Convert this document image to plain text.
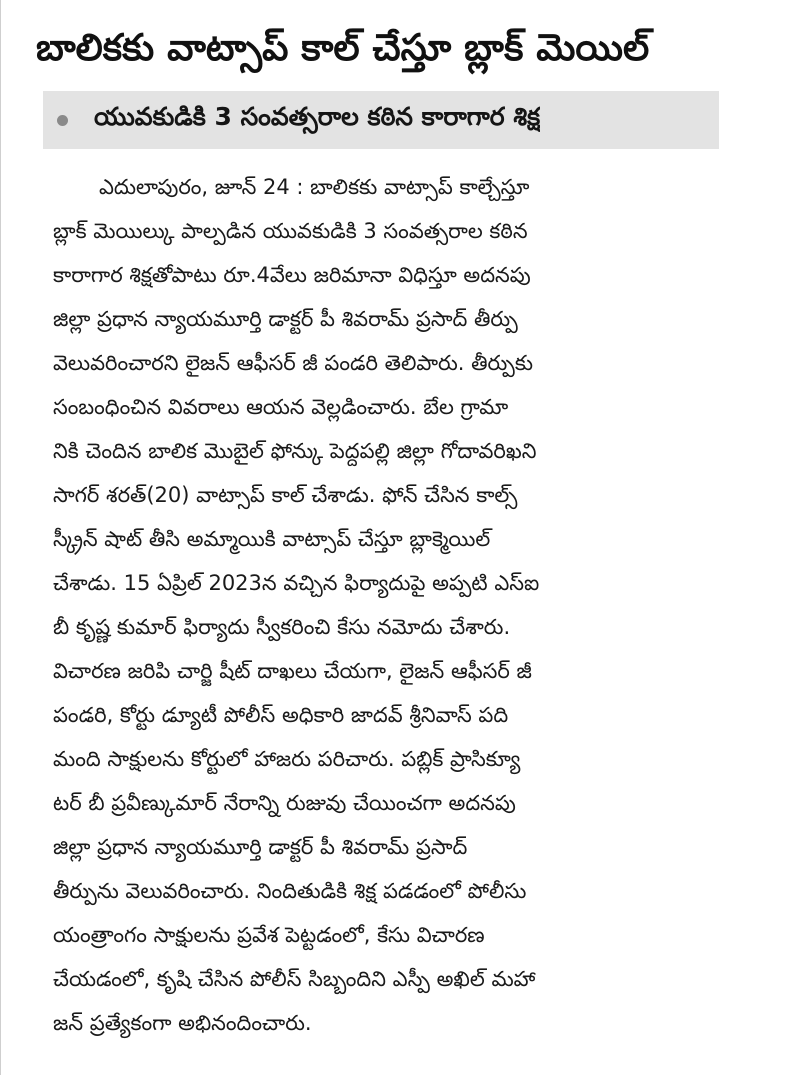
బాలికకు వాట్సాప్ కాల్ చేస్తూ బ్లాక్ మెయిల్
యువకుడికి 3 సంవత్సరాల కఠిన కారాగార శిక్ష
ఎదులాపురం, జూన్ 24 : బాలికకు వాట్సాప్ కాల్చేస్తూ
బ్లాక్ మెయిల్కు పాల్పడిన యువకుడికి 3 సంవత్సరాల కఠిన
కారాగార శిక్షతోపాటు రూ.4వేలు జరిమానా విధిస్తూ అదనపు
జిల్లా ప్రధాన న్యాయమూర్తి డాక్టర్ పీ శివరామ్ ప్రసాద్ తీర్పు
వెలువరించారని లైజన్ ఆఫీసర్ జీ పండరి తెలిపారు. తీర్పుకు
సంబంధించిన వివరాలు ఆయన వెల్లడించారు. బేల గ్రామా
నికి చెందిన బాలిక మొబైల్ ఫోన్కు పెద్దపల్లి జిల్లా గోదావరిఖని
సాగర్ శరత్(20) వాట్సాప్ కాల్ చేశాడు. ఫోన్ చేసిన కాల్స్
స్క్రీన్ షాట్ తీసి అమ్మాయికి వాట్సాప్ చేస్తూ బ్లాక్మెయిల్
చేశాడు. 15 ఏప్రిల్ 2023న వచ్చిన ఫిర్యాదుపై అప్పటి ఎస్ఐ
బీ కృష్ణ కుమార్ ఫిర్యాదు స్వీకరించి కేసు నమోదు చేశారు.
విచారణ జరిపి చార్జి షీట్ దాఖలు చేయగా, లైజన్ ఆఫీసర్ జీ
పండరి, కోర్టు డ్యూటీ పోలీస్ అధికారి జాదవ్ శ్రీనివాస్ పది
మంది సాక్షులను కోర్టులో హాజరు పరిచారు. పబ్లిక్ ప్రాసిక్యూ
టర్ బీ ప్రవీణ్కుమార్ నేరాన్ని రుజువు చేయించగా అదనపు
జిల్లా ప్రధాన న్యాయమూర్తి డాక్టర్ పీ శివరామ్ ప్రసాద్
తీర్పును వెలువరించారు. నిందితుడికి శిక్ష పడడంలో పోలీసు
యంత్రాంగం సాక్షులను ప్రవేశ పెట్టడంలో, కేసు విచారణ
చేయడంలో, కృషి చేసిన పోలీస్ సిబ్బందిని ఎస్పీ అఖిల్ మహా
జన్ ప్రత్యేకంగా అభినందించారు.
